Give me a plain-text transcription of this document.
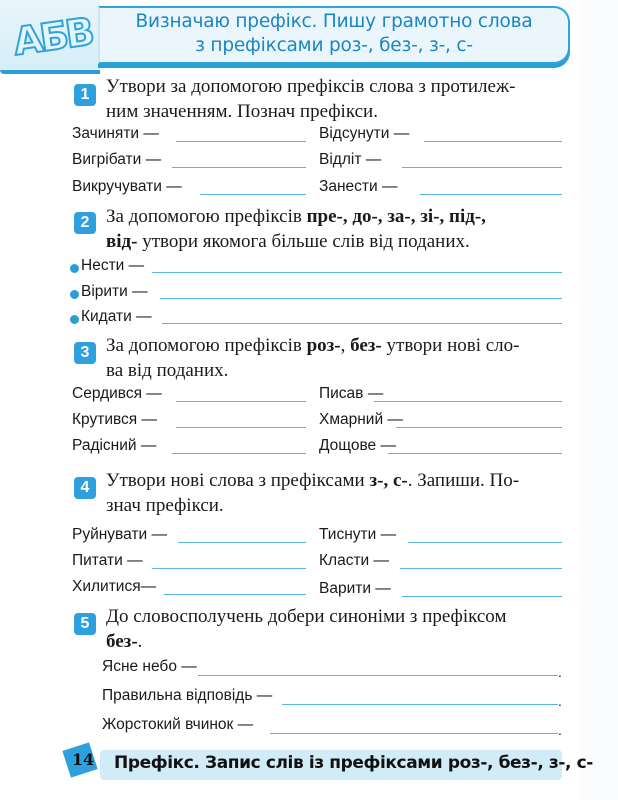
АБВ	Визначаю префікс. Пишу грамотно слова
з префіксами роз-, без-, з-, с-
1 Утвори за допомогою префіксів слова з протилеж-
ним значенням. Познач префікси.
Зачиняти —	Відсунути —
Вигрібати —	Відліт —
Викручувати —	Занести —
2 За допомогою префіксів пре-, до-, за-, зі-, під-,
від- утвори якомога більше слів від поданих.
Нести —
Вірити —
Кидати —
3 За допомогою префіксів роз-, без- утвори нові сло-
ва від поданих.
Сердився —	Писав —
Крутився —	Хмарний —
Радісний —	Дощове —
4 Утвори нові слова з префіксами з-, с-. Запиши. По-
знач префікси.
Руйнувати —	Тиснути —
Питати —	Класти —
Хилитися—	Варити —
5 До словосполучень добери синоніми з префіксом
без-.
Ясне небо —	.
Правильна відповідь —	.
Жорстокий вчинок —	.
14	Префікс. Запис слів із префіксами роз-, без-, з-, с-
